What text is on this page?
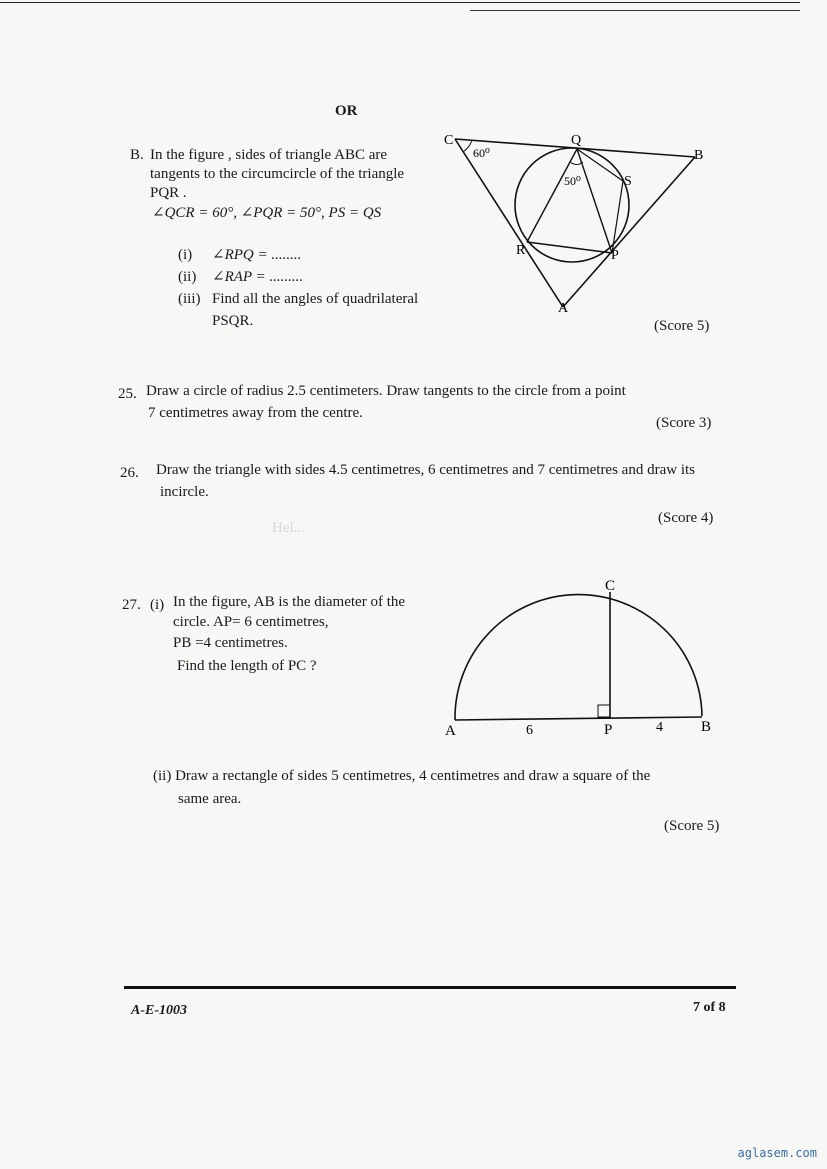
OR
B. In the figure , sides of triangle ABC are
tangents to the circumcircle of the triangle
PQR .
∠QCR = 60°, ∠PQR = 50°, PS = QS
(i) ∠RPQ = ........
(ii) ∠RAP = .........
(iii) Find all the angles of quadrilateral
PSQR.	(Score 5)
C	Q
B
S
R	P
A
60⁰
50⁰
25. Draw a circle of radius 2.5 centimeters. Draw tangents to the circle from a point
7 centimetres away from the centre.
(Score 3)
26. Draw the triangle with sides 4.5 centimetres, 6 centimetres and 7 centimetres and draw its
incircle.
(Score 4)
Hel...
27. (i) In the figure, AB is the diameter of the
circle. AP= 6 centimetres,
PB =4 centimetres.
Find the length of PC ?
C
A	P	B
6	4
(ii) Draw a rectangle of sides 5 centimetres, 4 centimetres and draw a square of the
same area.
(Score 5)
A-E-1003	7 of 8
aglasem.com
